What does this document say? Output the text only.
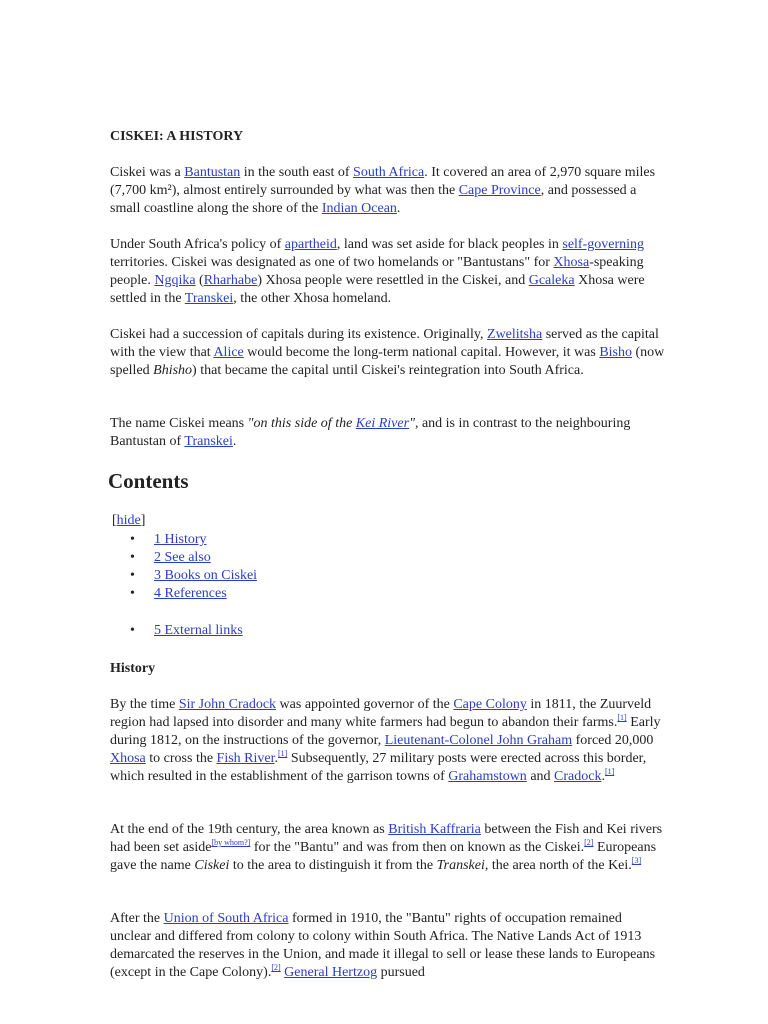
CISKEI: A HISTORY

Ciskei was a Bantustan in the south east of South Africa. It covered an area of 2,970 square miles (7,700 km²), almost entirely surrounded by what was then the Cape Province, and possessed a small coastline along the shore of the Indian Ocean.

Under South Africa's policy of apartheid, land was set aside for black peoples in self-governing territories. Ciskei was designated as one of two homelands or "Bantustans" for Xhosa-speaking people. Ngqika (Rharhabe) Xhosa people were resettled in the Ciskei, and Gcaleka Xhosa were settled in the Transkei, the other Xhosa homeland.

Ciskei had a succession of capitals during its existence. Originally, Zwelitsha served as the capital with the view that Alice would become the long-term national capital. However, it was Bisho (now spelled Bhisho) that became the capital until Ciskei's reintegration into South Africa.

The name Ciskei means "on this side of the Kei River", and is in contrast to the neighbouring Bantustan of Transkei.

Contents
[hide]
• 1 History
• 2 See also
• 3 Books on Ciskei
• 4 References
• 5 External links
History

By the time Sir John Cradock was appointed governor of the Cape Colony in 1811, the Zuurveld region had lapsed into disorder and many white farmers had begun to abandon their farms.[1] Early during 1812, on the instructions of the governor, Lieutenant-Colonel John Graham forced 20,000 Xhosa to cross the Fish River.[1] Subsequently, 27 military posts were erected across this border, which resulted in the establishment of the garrison towns of Grahamstown and Cradock.[1]

At the end of the 19th century, the area known as British Kaffraria between the Fish and Kei rivers had been set aside[by whom?] for the "Bantu" and was from then on known as the Ciskei.[2] Europeans gave the name Ciskei to the area to distinguish it from the Transkei, the area north of the Kei.[3]

After the Union of South Africa formed in 1910, the "Bantu" rights of occupation remained unclear and differed from colony to colony within South Africa. The Native Lands Act of 1913 demarcated the reserves in the Union, and made it illegal to sell or lease these lands to Europeans (except in the Cape Colony).[2] General Hertzog pursued
